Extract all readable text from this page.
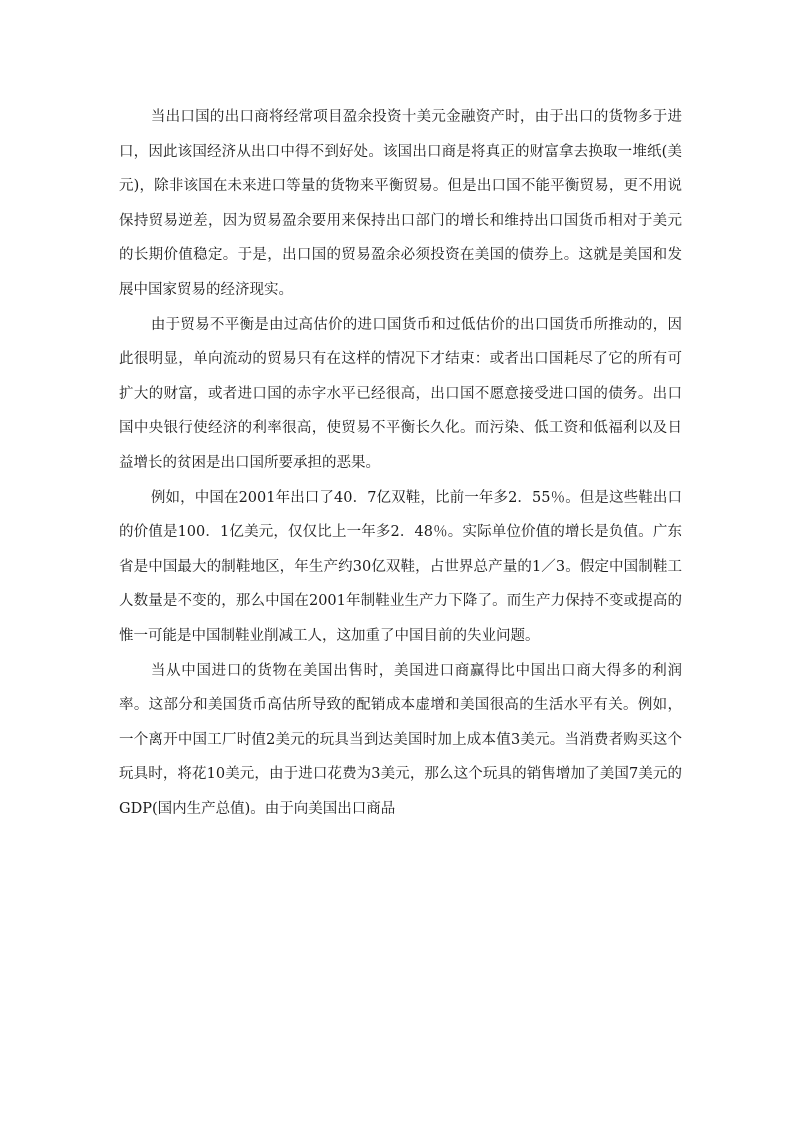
当出口国的出口商将经常项目盈余投资十美元金融资产时，由于出口的货物多于进口，因此该国经济从出口中得不到好处。该国出口商是将真正的财富拿去换取一堆纸(美元)，除非该国在未来进口等量的货物来平衡贸易。但是出口国不能平衡贸易，更不用说保持贸易逆差，因为贸易盈余要用来保持出口部门的增长和维持出口国货币相对于美元的长期价值稳定。于是，出口国的贸易盈余必须投资在美国的债券上。这就是美国和发展中国家贸易的经济现实。

由于贸易不平衡是由过高估价的进口国货币和过低估价的出口国货币所推动的，因此很明显，单向流动的贸易只有在这样的情况下才结束：或者出口国耗尽了它的所有可扩大的财富，或者进口国的赤字水平已经很高，出口国不愿意接受进口国的债务。出口国中央银行使经济的利率很高，使贸易不平衡长久化。而污染、低工资和低福利以及日益增长的贫困是出口国所要承担的恶果。

例如，中国在2001年出口了40．7亿双鞋，比前一年多2．55％。但是这些鞋出口的价值是100．1亿美元，仅仅比上一年多2．48％。实际单位价值的增长是负值。广东省是中国最大的制鞋地区，年生产约30亿双鞋，占世界总产量的1／3。假定中国制鞋工人数量是不变的，那么中国在2001年制鞋业生产力下降了。而生产力保持不变或提高的惟一可能是中国制鞋业削减工人，这加重了中国目前的失业问题。

当从中国进口的货物在美国出售时，美国进口商赢得比中国出口商大得多的利润率。这部分和美国货币高估所导致的配销成本虚增和美国很高的生活水平有关。例如，一个离开中国工厂时值2美元的玩具当到达美国时加上成本值3美元。当消费者购买这个玩具时，将花10美元，由于进口花费为3美元，那么这个玩具的销售增加了美国7美元的GDP(国内生产总值)。由于向美国出口商品
